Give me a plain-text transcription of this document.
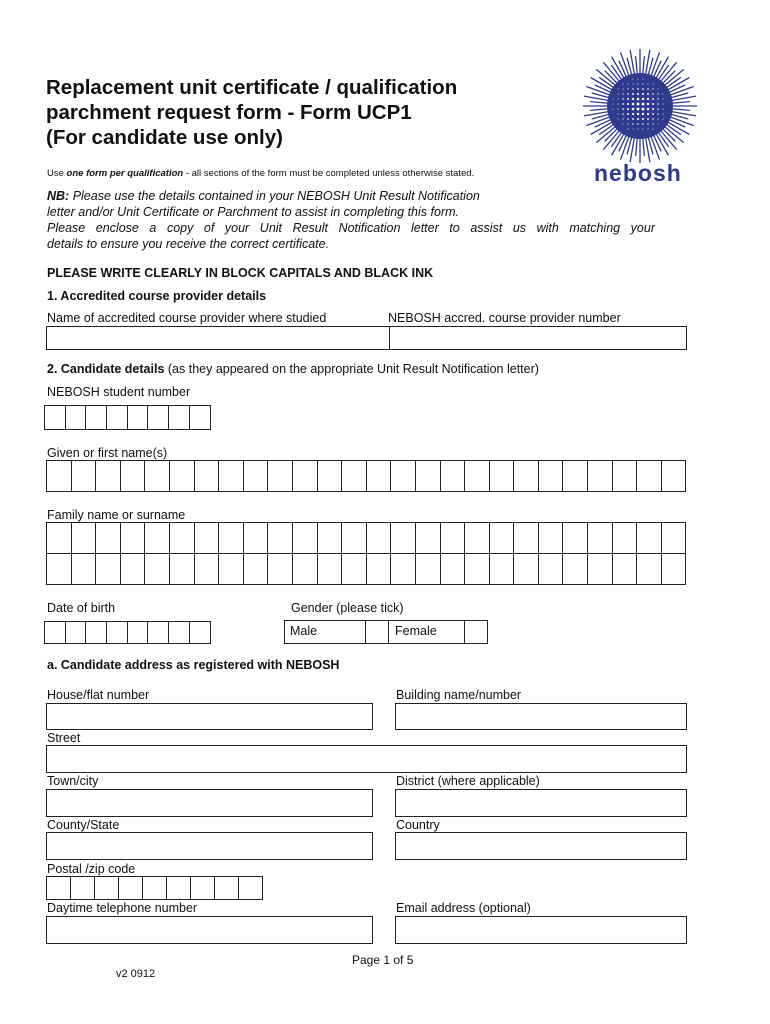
Replacement unit certificate / qualification
parchment request form - Form UCP1
(For candidate use only)
nebosh
Use one form per qualification - all sections of the form must be completed unless otherwise stated.
NB: Please use the details contained in your NEBOSH Unit Result Notification
letter and/or Unit Certificate or Parchment to assist in completing this form.
Please enclose a copy of your Unit Result Notification letter to assist us with matching your
details to ensure you receive the correct certificate.
PLEASE WRITE CLEARLY IN BLOCK CAPITALS AND BLACK INK
1. Accredited course provider details
Name of accredited course provider where studied	NEBOSH accred. course provider number
2. Candidate details (as they appeared on the appropriate Unit Result Notification letter)
NEBOSH student number
Given or first name(s)
Family name or surname
Date of birth	Gender (please tick)
Male	Female
a. Candidate address as registered with NEBOSH
House/flat number	Building name/number
Street
Town/city	District (where applicable)
County/State	Country
Postal /zip code
Daytime telephone number	Email address (optional)
Page 1 of 5
v2 0912
